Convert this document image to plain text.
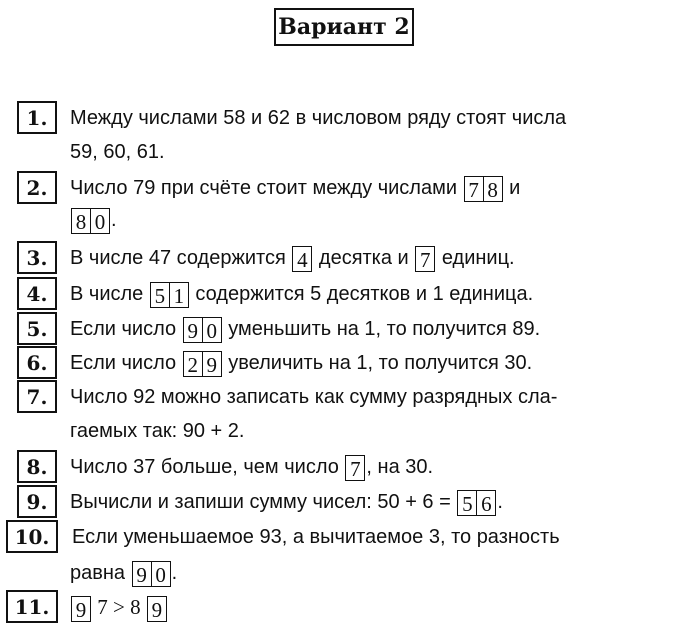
Вариант 2
1.	Между числами 58 и 62 в числовом ряду стоят числа
59, 60, 61.
2.	Число 79 при счёте стоит между числами 7 8 и
8 0 .
3.	В числе 47 содержится 4 десятка и 7 единиц.
4.	В числе 5 1 содержится 5 десятков и 1 единица.
5.	Если число 9 0 уменьшить на 1, то получится 89.
6.	Если число 2 9 увеличить на 1, то получится 30.
7.	Число 92 можно записать как сумму разрядных сла-
гаемых так: 90 + 2.
8.	Число 37 больше, чем число 7 , на 30.
9.	Вычисли и запиши сумму чисел: 50 + 6 = 5 6 .
10.	Если уменьшаемое 93, а вычитаемое 3, то разность
равна 9 0 .
11.	9 7 > 8 9
